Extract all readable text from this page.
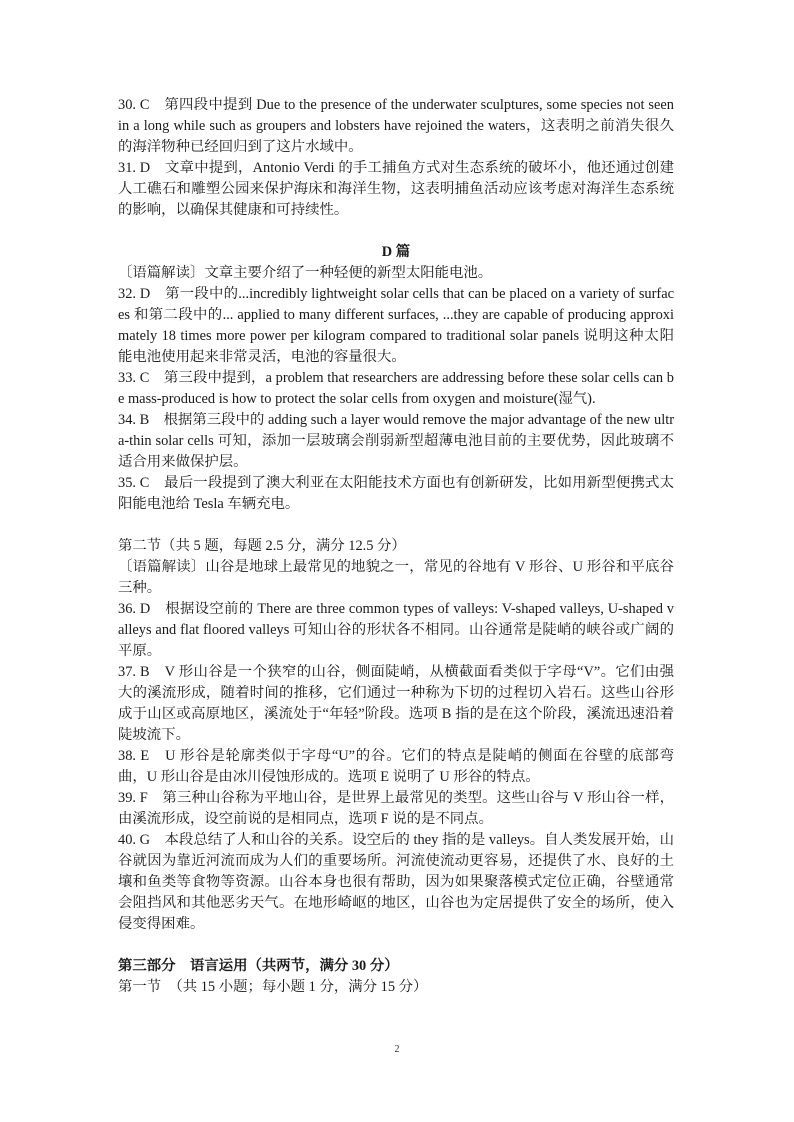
30. C　第四段中提到 Due to the presence of the underwater sculptures, some species not seen in a long while such as groupers and lobsters have rejoined the waters，这表明之前消失很久的海洋物种已经回归到了这片水域中。

31. D　文章中提到，Antonio Verdi 的手工捕鱼方式对生态系统的破坏小，他还通过创建人工礁石和雕塑公园来保护海床和海洋生物，这表明捕鱼活动应该考虑对海洋生态系统的影响，以确保其健康和可持续性。

D 篇

〔语篇解读〕文章主要介绍了一种轻便的新型太阳能电池。

32. D　第一段中的...incredibly lightweight solar cells that can be placed on a variety of surfaces 和第二段中的... applied to many different surfaces, ...they are capable of producing approximately 18 times more power per kilogram compared to traditional solar panels 说明这种太阳能电池使用起来非常灵活，电池的容量很大。

33. C　第三段中提到，a problem that researchers are addressing before these solar cells can be mass-produced is how to protect the solar cells from oxygen and moisture(湿气).

34. B　根据第三段中的 adding such a layer would remove the major advantage of the new ultra-thin solar cells 可知，添加一层玻璃会削弱新型超薄电池目前的主要优势，因此玻璃不适合用来做保护层。

35. C　最后一段提到了澳大利亚在太阳能技术方面也有创新研发，比如用新型便携式太阳能电池给 Tesla 车辆充电。

第二节（共 5 题，每题 2.5 分，满分 12.5 分）

〔语篇解读〕山谷是地球上最常见的地貌之一，常见的谷地有 V 形谷、U 形谷和平底谷三种。

36. D　根据设空前的 There are three common types of valleys: V-shaped valleys, U-shaped valleys and flat floored valleys 可知山谷的形状各不相同。山谷通常是陡峭的峡谷或广阔的平原。

37. B　V 形山谷是一个狭窄的山谷，侧面陡峭，从横截面看类似于字母“V”。它们由强大的溪流形成，随着时间的推移，它们通过一种称为下切的过程切入岩石。这些山谷形成于山区或高原地区，溪流处于“年轻”阶段。选项 B 指的是在这个阶段，溪流迅速沿着陡坡流下。

38. E　U 形谷是轮廓类似于字母“U”的谷。它们的特点是陡峭的侧面在谷壁的底部弯曲，U 形山谷是由冰川侵蚀形成的。选项 E 说明了 U 形谷的特点。

39. F　第三种山谷称为平地山谷，是世界上最常见的类型。这些山谷与 V 形山谷一样，由溪流形成，设空前说的是相同点，选项 F 说的是不同点。

40. G　本段总结了人和山谷的关系。设空后的 they 指的是 valleys。自人类发展开始，山谷就因为靠近河流而成为人们的重要场所。河流使流动更容易，还提供了水、良好的土壤和鱼类等食物等资源。山谷本身也很有帮助，因为如果聚落模式定位正确，谷壁通常会阻挡风和其他恶劣天气。在地形崎岖的地区，山谷也为定居提供了安全的场所，使入侵变得困难。

第三部分　语言运用（共两节，满分 30 分）

第一节　（共 15 小题；每小题 1 分，满分 15 分）

2
